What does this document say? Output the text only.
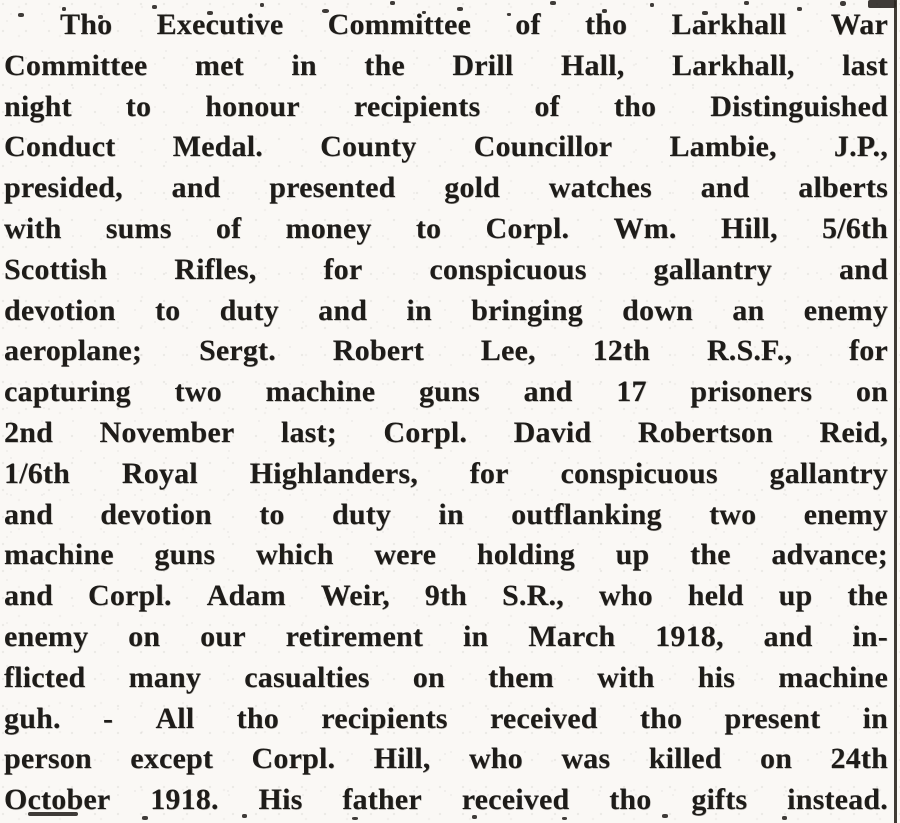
Tho Executive Committee of tho Larkhall War
Committee met in the Drill Hall, Larkhall, last
night to honour recipients of tho Distinguished
Conduct Medal. County Councillor Lambie, J.P.,
presided, and presented gold watches and alberts
with sums of money to Corpl. Wm. Hill, 5/6th
Scottish Rifles, for conspicuous gallantry and
devotion to duty and in bringing down an enemy
aeroplane; Sergt. Robert Lee, 12th R.S.F., for
capturing two machine guns and 17 prisoners on
2nd November last; Corpl. David Robertson Reid,
1/6th Royal Highlanders, for conspicuous gallantry
and devotion to duty in outflanking two enemy
machine guns which were holding up the advance;
and Corpl. Adam Weir, 9th S.R., who held up the
enemy on our retirement in March 1918, and in-
flicted many casualties on them with his machine
guh. - All tho recipients received tho present in
person except Corpl. Hill, who was killed on 24th
October 1918. His father received tho gifts instead.
